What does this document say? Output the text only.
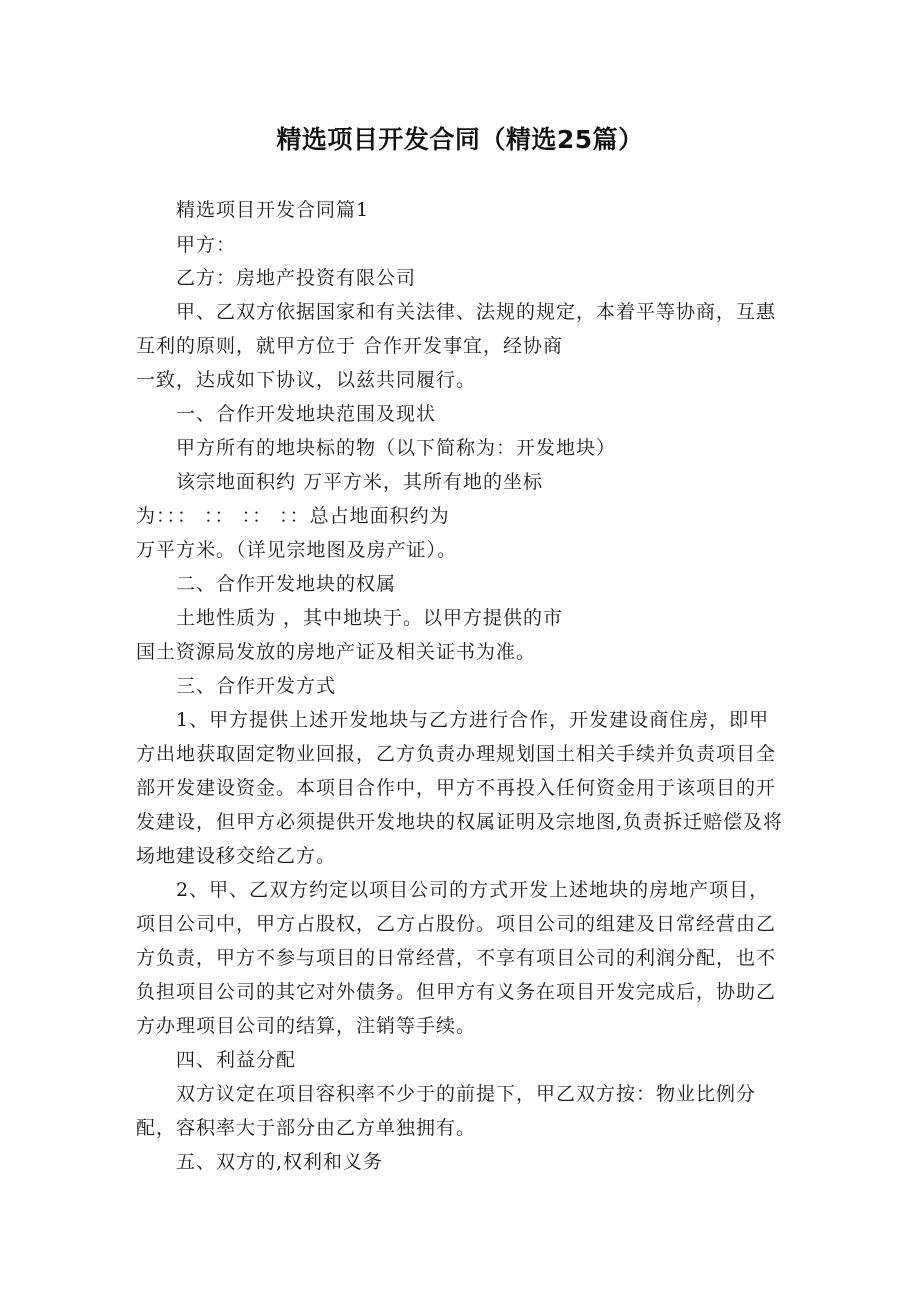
精选项目开发合同（精选25篇）
精选项目开发合同篇1
甲方：
乙方：房地产投资有限公司
甲、乙双方依据国家和有关法律、法规的规定，本着平等协商，互惠
互利的原则，就甲方位于 合作开发事宜，经协商
一致，达成如下协议，以兹共同履行。
一、合作开发地块范围及现状
甲方所有的地块标的物（以下简称为：开发地块）
该宗地面积约 万平方米，其所有地的坐标
为：：： ：： ：： ：：总占地面积约为
万平方米。（详见宗地图及房产证）。
二、合作开发地块的权属
土地性质为 ，其中地块于。以甲方提供的市
国土资源局发放的房地产证及相关证书为准。
三、合作开发方式
1、甲方提供上述开发地块与乙方进行合作，开发建设商住房，即甲
方出地获取固定物业回报，乙方负责办理规划国土相关手续并负责项目全
部开发建设资金。本项目合作中，甲方不再投入任何资金用于该项目的开
发建设，但甲方必须提供开发地块的权属证明及宗地图,负责拆迁赔偿及将
场地建设移交给乙方。
2、甲、乙双方约定以项目公司的方式开发上述地块的房地产项目，
项目公司中，甲方占股权，乙方占股份。项目公司的组建及日常经营由乙
方负责，甲方不参与项目的日常经营，不享有项目公司的利润分配，也不
负担项目公司的其它对外债务。但甲方有义务在项目开发完成后，协助乙
方办理项目公司的结算，注销等手续。
四、利益分配
双方议定在项目容积率不少于的前提下，甲乙双方按：物业比例分
配，容积率大于部分由乙方单独拥有。
五、双方的,权利和义务
